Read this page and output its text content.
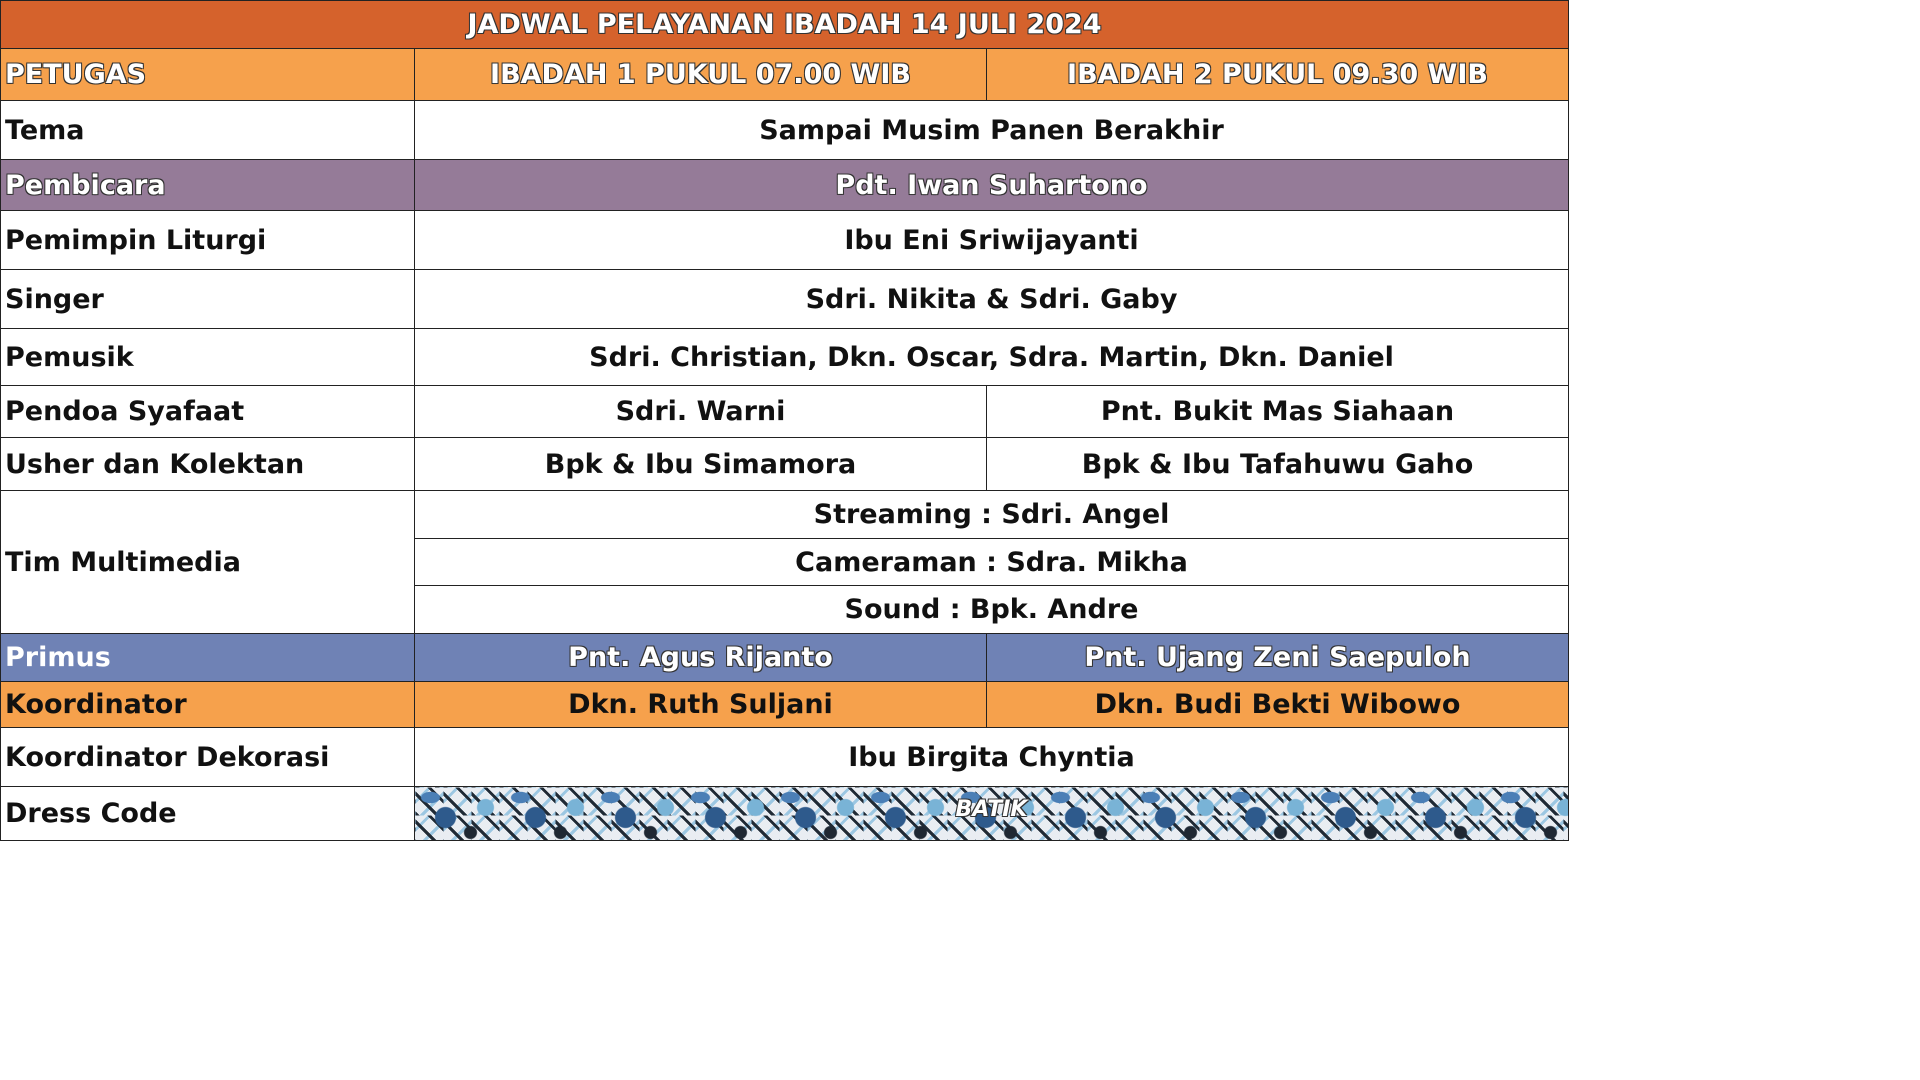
JADWAL PELAYANAN IBADAH 14 JULI 2024		
PETUGAS	IBADAH 1 PUKUL 07.00 WIB	IBADAH 2 PUKUL 09.30 WIB
Tema	Sampai Musim Panen Berakhir	
Pembicara	Pdt. Iwan Suhartono	
Pemimpin Liturgi	Ibu Eni Sriwijayanti	
Singer	Sdri. Nikita & Sdri. Gaby	
Pemusik	Sdri. Christian, Dkn. Oscar, Sdra. Martin, Dkn. Daniel	
Pendoa Syafaat	Sdri. Warni	Pnt. Bukit Mas Siahaan
Usher dan Kolektan	Bpk & Ibu Simamora	Bpk & Ibu Tafahuwu Gaho
Tim Multimedia	Streaming : Sdri. Angel	
	Cameraman : Sdra. Mikha	
	Sound : Bpk. Andre	
Primus	Pnt. Agus Rijanto	Pnt. Ujang Zeni Saepuloh
Koordinator	Dkn. Ruth Suljani	Dkn. Budi Bekti Wibowo
Koordinator Dekorasi	Ibu Birgita Chyntia	
Dress Code	BATIK	
